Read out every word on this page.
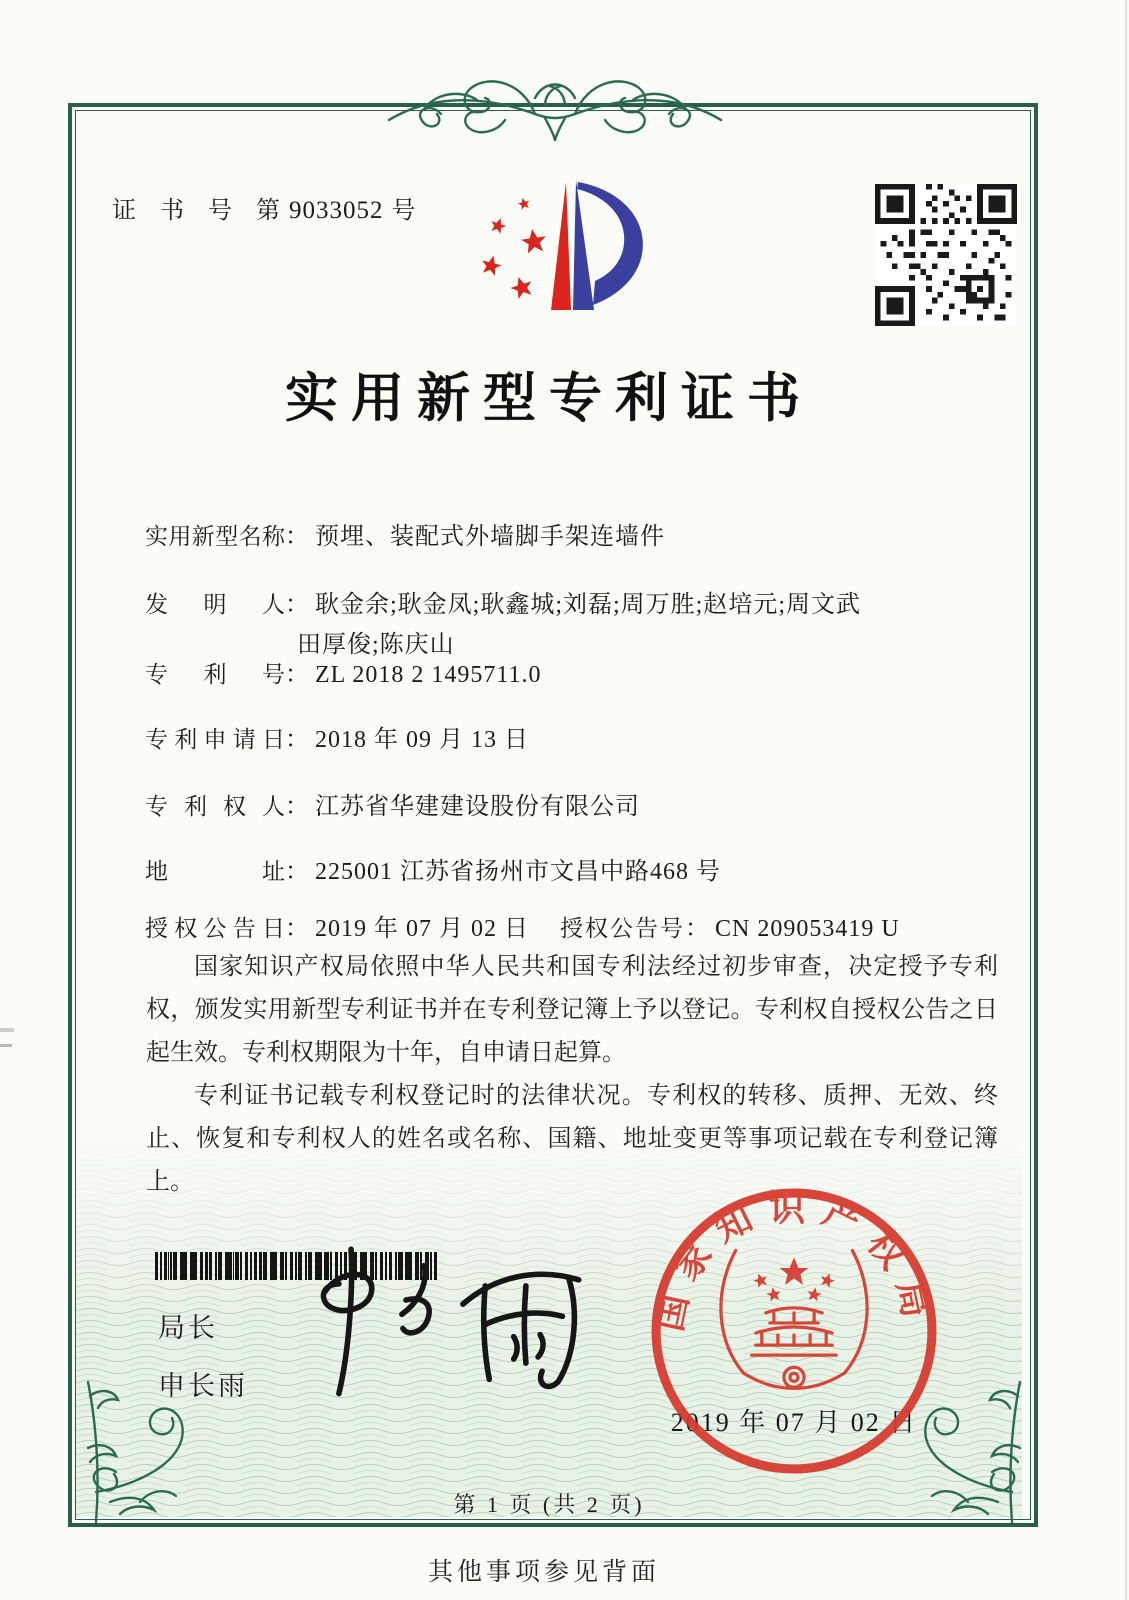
证 书 号 第9033052 号
实用新型专利证书
实用新型名称： 预埋、装配式外墙脚手架连墙件
发明人： 耿金余;耿金凤;耿鑫城;刘磊;周万胜;赵培元;周文武
田厚俊;陈庆山
专利号： ZL 2018 2 1495711.0
专利申请日： 2018 年 09 月 13 日
专利权人： 江苏省华建建设股份有限公司
地址： 225001 江苏省扬州市文昌中路468 号
授权公告日： 2019 年 07 月 02 日 授权公告号： CN 209053419 U

国家知识产权局依照中华人民共和国专利法经过初步审查，决定授予专利权，颁发实用新型专利证书并在专利登记簿上予以登记。专利权自授权公告之日起生效。专利权期限为十年，自申请日起算。

专利证书记载专利权登记时的法律状况。专利权的转移、质押、无效、终止、恢复和专利权人的姓名或名称、国籍、地址变更等事项记载在专利登记簿上。

局长
申长雨
国家知识产权局
2019 年 07 月 02 日
第 1 页 (共 2 页)
其他事项参见背面
